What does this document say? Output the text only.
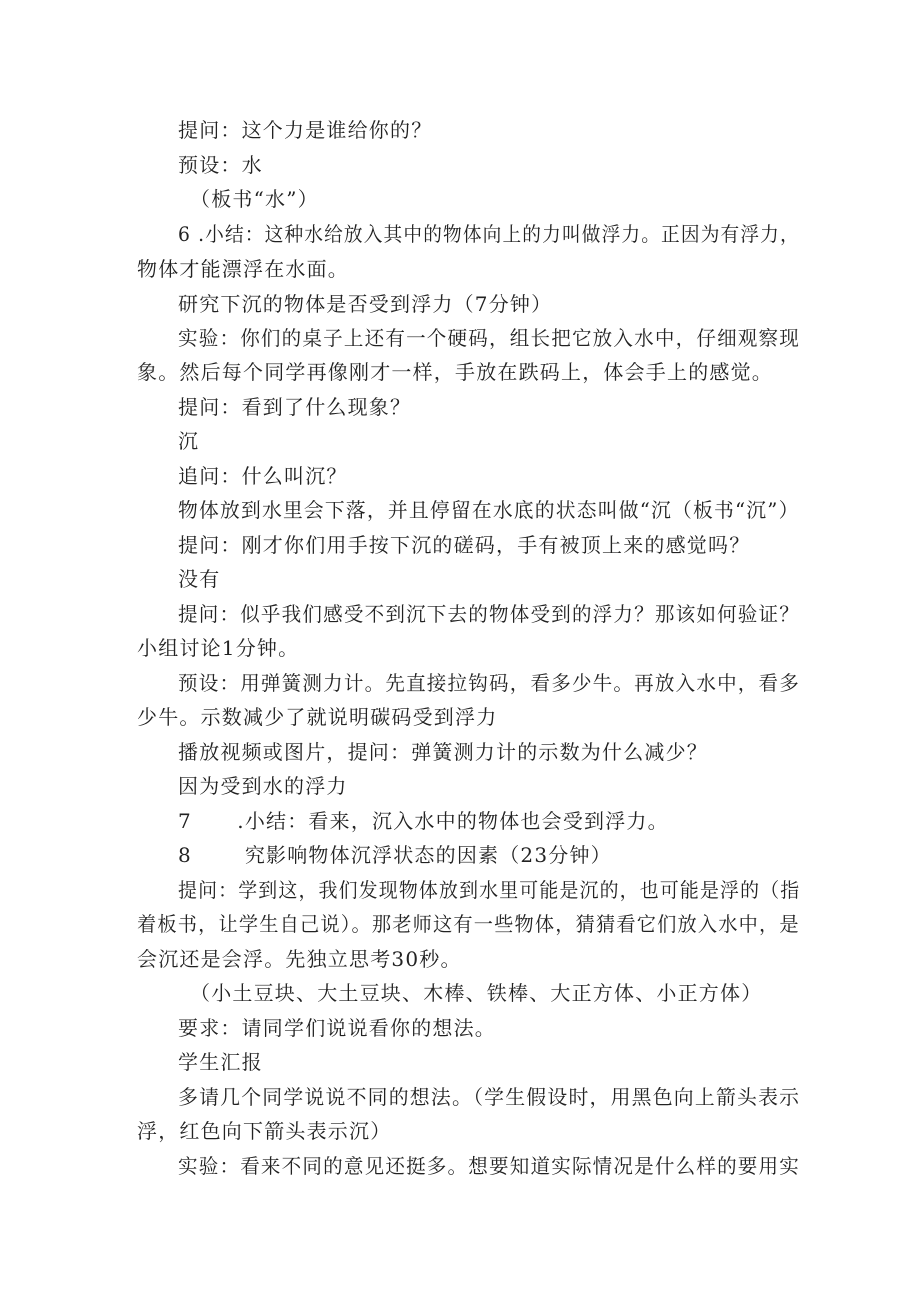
提问：这个力是谁给你的？
预设：水
（板书“水”）
6 .小结：这种水给放入其中的物体向上的力叫做浮力。正因为有浮力，
物体才能漂浮在水面。
研究下沉的物体是否受到浮力（7分钟）
实验：你们的桌子上还有一个硬码，组长把它放入水中，仔细观察现
象。然后每个同学再像刚才一样，手放在跌码上，体会手上的感觉。
提问：看到了什么现象？
沉
追问：什么叫沉？
物体放到水里会下落，并且停留在水底的状态叫做“沉（板书“沉”）
提问：刚才你们用手按下沉的磋码，手有被顶上来的感觉吗？
没有
提问：似乎我们感受不到沉下去的物体受到的浮力？那该如何验证？
小组讨论1分钟。
预设：用弹簧测力计。先直接拉钩码，看多少牛。再放入水中，看多
少牛。示数减少了就说明碳码受到浮力
播放视频或图片，提问：弹簧测力计的示数为什么减少？
因为受到水的浮力
7      .小结：看来，沉入水中的物体也会受到浮力。
8       究影响物体沉浮状态的因素（23分钟）
提问：学到这，我们发现物体放到水里可能是沉的，也可能是浮的（指
着板书，让学生自己说）。那老师这有一些物体，猜猜看它们放入水中，是
会沉还是会浮。先独立思考30秒。
（小土豆块、大土豆块、木棒、铁棒、大正方体、小正方体）
要求：请同学们说说看你的想法。
学生汇报
多请几个同学说说不同的想法。（学生假设时，用黑色向上箭头表示
浮，红色向下箭头表示沉）
实验：看来不同的意见还挺多。想要知道实际情况是什么样的要用实
